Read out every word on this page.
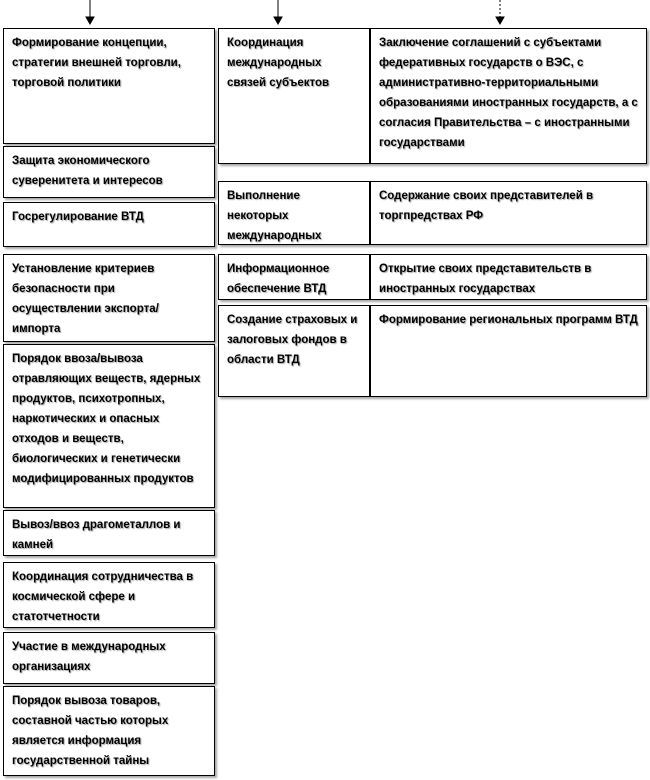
Формирование концепции, стратегии внешней торговли, торговой политики
Защита экономического суверенитета и интересов
Госрегулирование ВТД
Установление критериев безопасности при осуществлении экспорта/импорта
Порядок ввоза/вывоза отравляющих веществ, ядерных продуктов, психотропных, наркотических и опасных отходов и веществ, биологических и генетически модифицированных продуктов
Вывоз/ввоз драгометаллов и камней
Координация сотрудничества в космической сфере и статотчетности
Участие в международных организациях
Порядок вывоза товаров, составной частью которых является информация государственной тайны
Координация международных связей субъектов
Выполнение некоторых международных
Информационное обеспечение ВТД
Создание страховых и залоговых фондов в области ВТД
Заключение соглашений с субъектами федеративных государств о ВЭС, с административно-территориальными образованиями иностранных государств, а с согласия Правительства – с иностранными государствами
Содержание своих представителей в торгпредствах РФ
Открытие своих представительств в иностранных государствах
Формирование региональных программ ВТД
